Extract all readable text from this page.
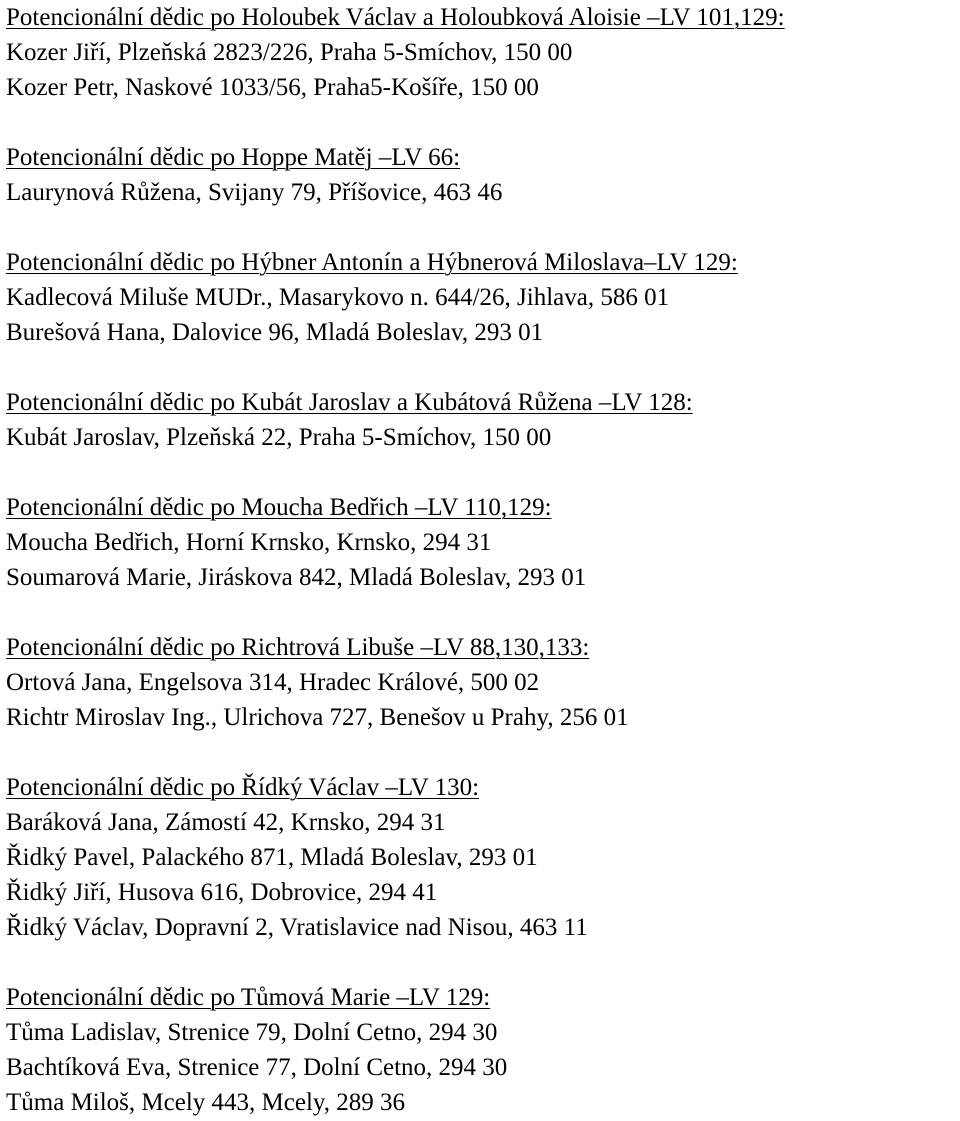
Potencionální dědic po Holoubek Václav a Holoubková Aloisie –LV 101,129:
Kozer Jiří, Plzeňská 2823/226, Praha 5-Smíchov, 150 00
Kozer Petr, Naskové 1033/56, Praha5-Košíře, 150 00
Potencionální dědic po Hoppe Matěj –LV 66:
Laurynová Růžena, Svijany 79, Příšovice, 463 46
Potencionální dědic po Hýbner Antonín a Hýbnerová Miloslava–LV 129:
Kadlecová Miluše MUDr., Masarykovo n. 644/26, Jihlava, 586 01
Burešová Hana, Dalovice 96, Mladá Boleslav, 293 01
Potencionální dědic po Kubát Jaroslav a Kubátová Růžena –LV 128:
Kubát Jaroslav, Plzeňská 22, Praha 5-Smíchov, 150 00
Potencionální dědic po Moucha Bedřich –LV 110,129:
Moucha Bedřich, Horní Krnsko, Krnsko, 294 31
Soumarová Marie, Jiráskova 842, Mladá Boleslav, 293 01
Potencionální dědic po Richtrová Libuše –LV 88,130,133:
Ortová Jana, Engelsova 314, Hradec Králové, 500 02
Richtr Miroslav Ing., Ulrichova 727, Benešov u Prahy, 256 01
Potencionální dědic po Řídký Václav –LV 130:
Baráková Jana, Zámostí 42, Krnsko, 294 31
Řidký Pavel, Palackého 871, Mladá Boleslav, 293 01
Řidký Jiří, Husova 616, Dobrovice, 294 41
Řidký Václav, Dopravní 2, Vratislavice nad Nisou, 463 11
Potencionální dědic po Tůmová Marie –LV 129:
Tůma Ladislav, Strenice 79, Dolní Cetno, 294 30
Bachtíková Eva, Strenice 77, Dolní Cetno, 294 30
Tůma Miloš, Mcely 443, Mcely, 289 36
